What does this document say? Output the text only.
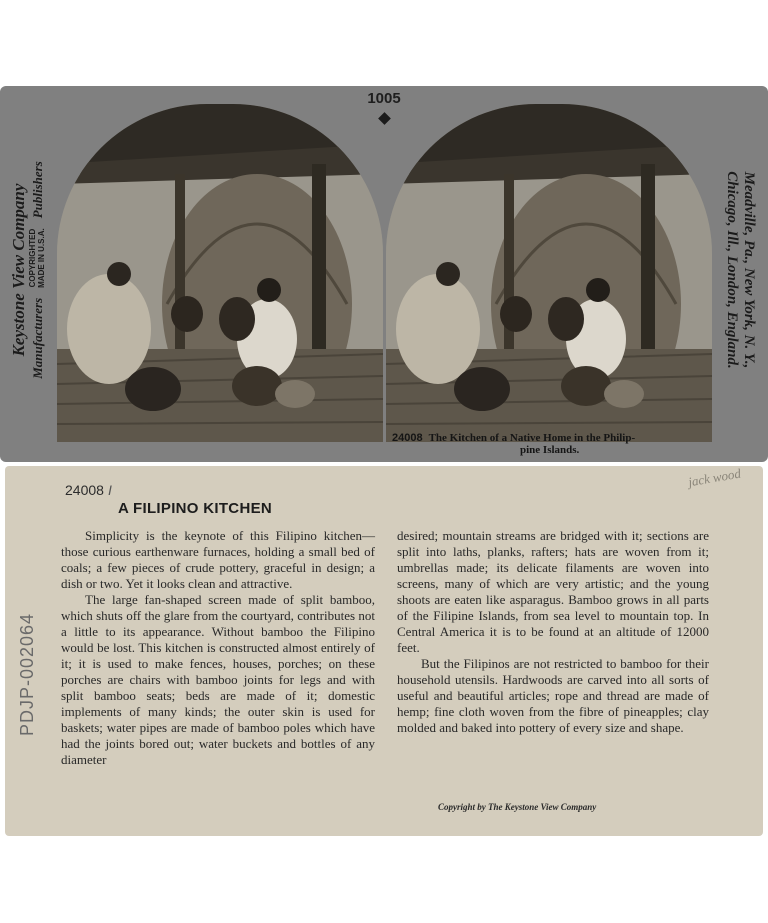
1005
Keystone View Company Manufacturers
COPYRIGHTED
MADE IN U.S.A.
Publishers	Meadville, Pa., New York, N. Y.,
Chicago, Ill., London, England.
24008 The Kitchen of a Native Home in the Philip-
pine Islands.
24008 I
jack wood
PDJP-002064
A FILIPINO KITCHEN

Simplicity is the keynote of this Filipino kitchen—those curious earthenware furnaces, holding a small bed of coals; a few pieces of crude pottery, graceful in design; a dish or two. Yet it looks clean and attractive.

The large fan-shaped screen made of split bamboo, which shuts off the glare from the courtyard, contributes not a little to its appearance. Without bamboo the Filipino would be lost. This kitchen is constructed almost entirely of it; it is used to make fences, houses, porches; on these porches are chairs with bamboo joints for legs and with split bamboo seats; beds are made of it; domestic implements of many kinds; the outer skin is used for baskets; water pipes are made of bamboo poles which have had the joints bored out; water buckets and bottles of any diameter

desired; mountain streams are bridged with it; sections are split into laths, planks, rafters; hats are woven from it; umbrellas made; its delicate filaments are woven into screens, many of which are very artistic; and the young shoots are eaten like asparagus. Bamboo grows in all parts of the Filipine Islands, from sea level to mountain top. In Central America it is to be found at an altitude of 12000 feet.

But the Filipinos are not restricted to bamboo for their household utensils. Hardwoods are carved into all sorts of useful and beautiful articles; rope and thread are made of hemp; fine cloth woven from the fibre of pineapples; clay molded and baked into pottery of every size and shape.

Copyright by The Keystone View Company
